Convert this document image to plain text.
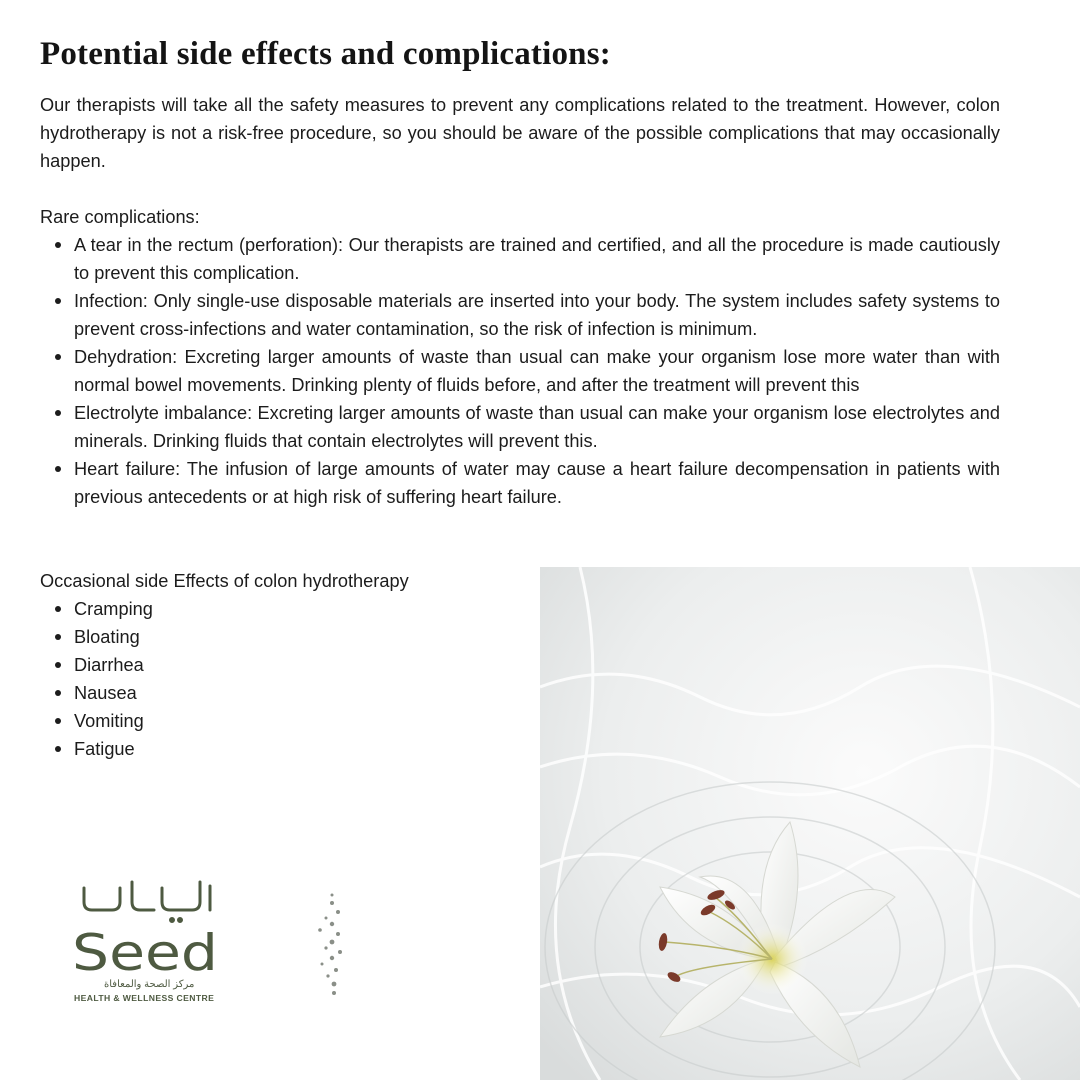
Potential side effects and complications:

Our therapists will take all the safety measures to prevent any complications related to the treatment. However, colon hydrotherapy is not a risk-free procedure, so you should be aware of the possible complications that may occasionally happen.

Rare complications:

A tear in the rectum (perforation): Our therapists are trained and certified, and all the procedure is made cautiously to prevent this complication.
Infection: Only single-use disposable materials are inserted into your body. The system includes safety systems to prevent cross-infections and water contamination, so the risk of infection is minimum.
Dehydration: Excreting larger amounts of waste than usual can make your organism lose more water than with normal bowel movements. Drinking plenty of fluids before, and after the treatment will prevent this
Electrolyte imbalance: Excreting larger amounts of waste than usual can make your organism lose electrolytes and minerals. Drinking fluids that contain electrolytes will prevent this.
Heart failure: The infusion of large amounts of water may cause a heart failure decompensation in patients with previous antecedents or at high risk of suffering heart failure.

Occasional side Effects of colon hydrotherapy

Cramping
Bloating
Diarrhea
Nausea
Vomiting
Fatigue
Seed
مركز الصحة والمعافاة
HEALTH & WELLNESS CENTRE
